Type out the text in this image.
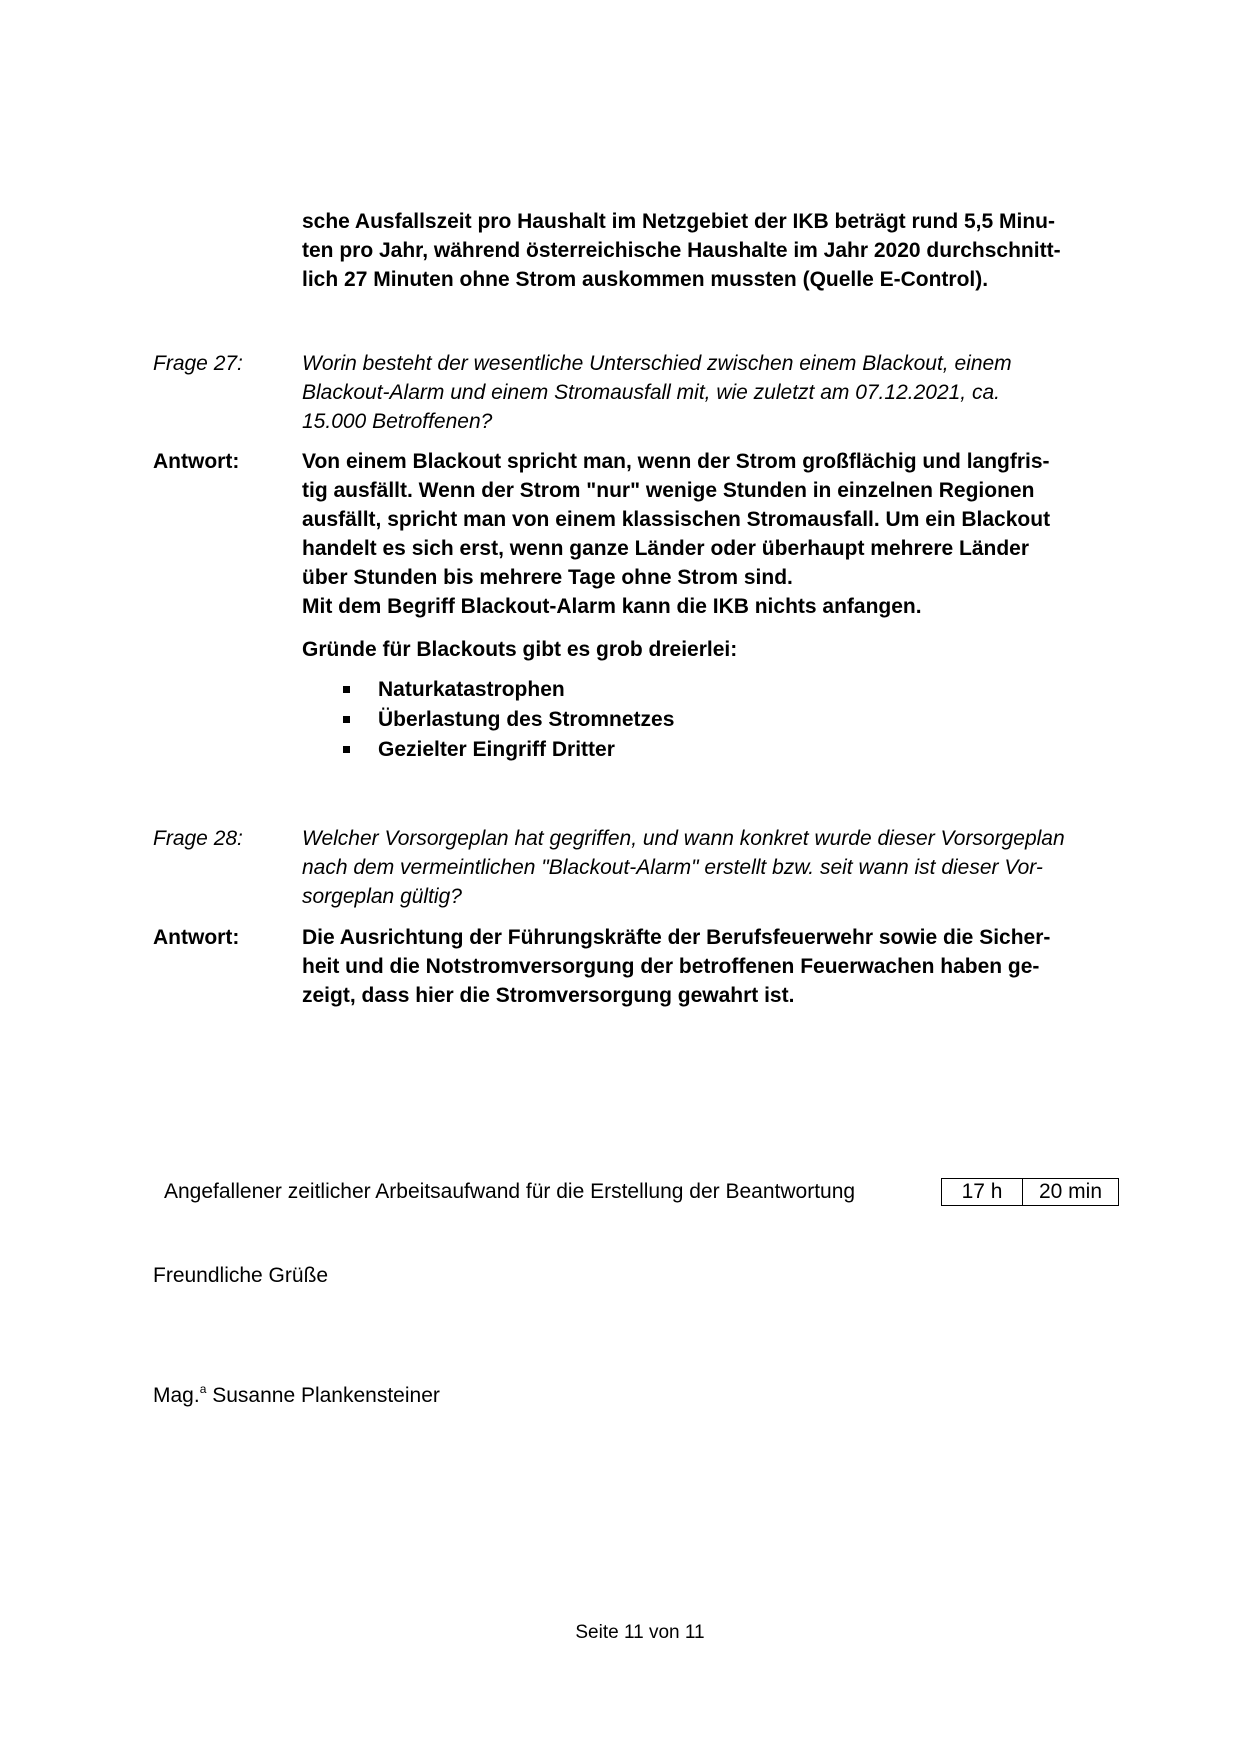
sche Ausfallszeit pro Haushalt im Netzgebiet der IKB beträgt rund 5,5 Minu-
ten pro Jahr, während österreichische Haushalte im Jahr 2020 durchschnitt-
lich 27 Minuten ohne Strom auskommen mussten (Quelle E-Control).
Frage 27:	Worin besteht der wesentliche Unterschied zwischen einem Blackout, einem
Blackout-Alarm und einem Stromausfall mit, wie zuletzt am 07.12.2021, ca.
15.000 Betroffenen?
Antwort:	Von einem Blackout spricht man, wenn der Strom großflächig und langfris-
tig ausfällt. Wenn der Strom "nur" wenige Stunden in einzelnen Regionen
ausfällt, spricht man von einem klassischen Stromausfall. Um ein Blackout
handelt es sich erst, wenn ganze Länder oder überhaupt mehrere Länder
über Stunden bis mehrere Tage ohne Strom sind.
Mit dem Begriff Blackout-Alarm kann die IKB nichts anfangen.
Gründe für Blackouts gibt es grob dreierlei:
Naturkatastrophen
Überlastung des Stromnetzes
Gezielter Eingriff Dritter
Frage 28:	Welcher Vorsorgeplan hat gegriffen, und wann konkret wurde dieser Vorsorgeplan
nach dem vermeintlichen "Blackout-Alarm" erstellt bzw. seit wann ist dieser Vor-
sorgeplan gültig?
Antwort:	Die Ausrichtung der Führungskräfte der Berufsfeuerwehr sowie die Sicher-
heit und die Notstromversorgung der betroffenen Feuerwachen haben ge-
zeigt, dass hier die Stromversorgung gewahrt ist.
Angefallener zeitlicher Arbeitsaufwand für die Erstellung der Beantwortung	17 h	20 min
Freundliche Grüße
Mag.$^a$ Susanne Plankensteiner
Seite 11 von 11
